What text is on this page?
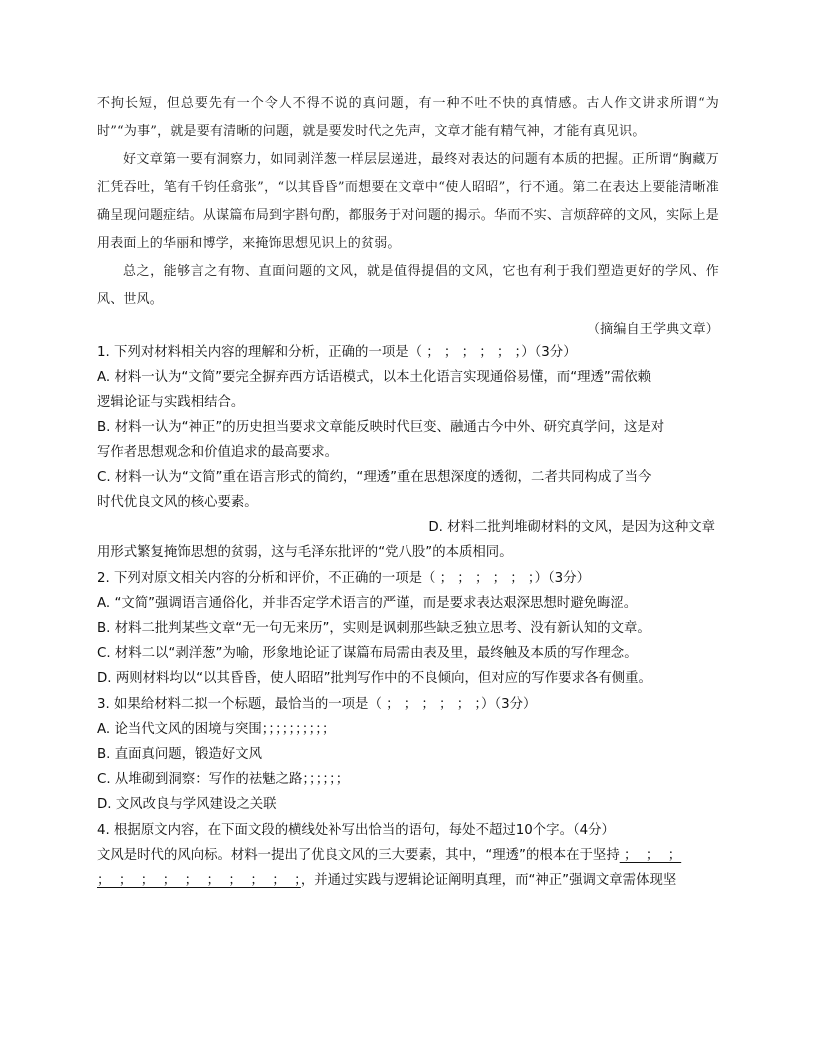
不拘长短，但总要先有一个令人不得不说的真问题，有一种不吐不快的真情感。古人作文讲求所谓“为时”“为事”，就是要有清晰的问题，就是要发时代之先声，文章才能有精气神，才能有真见识。

好文章第一要有洞察力，如同剥洋葱一样层层递进，最终对表达的问题有本质的把握。正所谓“胸藏万汇凭吞吐，笔有千钧任翕张”，“以其昏昏”而想要在文章中“使人昭昭”，行不通。第二在表达上要能清晰准确呈现问题症结。从谋篇布局到字斟句酌，都服务于对问题的揭示。华而不实、言烦辞碎的文风，实际上是用表面上的华丽和博学，来掩饰思想见识上的贫弱。

总之，能够言之有物、直面问题的文风，就是值得提倡的文风，它也有利于我们塑造更好的学风、作风、世风。

（摘编自王学典文章）

1. 下列对材料相关内容的理解和分析，正确的一项是（ ； ； ； ； ； ；）（3分）

A. 材料一认为“文简”要完全摒弃西方话语模式，以本土化语言实现通俗易懂，而“理透”需依赖

逻辑论证与实践相结合。

B. 材料一认为“神正”的历史担当要求文章能反映时代巨变、融通古今中外、研究真学问，这是对

写作者思想观念和价值追求的最高要求。

C. 材料一认为“文简”重在语言形式的简约，“理透”重在思想深度的透彻，二者共同构成了当今

时代优良文风的核心要素。

D. 材料二批判堆砌材料的文风，是因为这种文章

用形式繁复掩饰思想的贫弱，这与毛泽东批评的“党八股”的本质相同。

2. 下列对原文相关内容的分析和评价，不正确的一项是（ ； ； ； ； ； ；）（3分）

A. “文简”强调语言通俗化，并非否定学术语言的严谨，而是要求表达艰深思想时避免晦涩。

B. 材料二批判某些文章“无一句无来历”，实则是讽刺那些缺乏独立思考、没有新认知的文章。

C. 材料二以“剥洋葱”为喻，形象地论证了谋篇布局需由表及里，最终触及本质的写作理念。

D. 两则材料均以“以其昏昏，使人昭昭”批判写作中的不良倾向，但对应的写作要求各有侧重。

3. 如果给材料二拟一个标题，最恰当的一项是（ ； ； ； ； ； ；）（3分）

A. 论当代文风的困境与突围；；；；；；；；；；

B. 直面真问题，锻造好文风

C. 从堆砌到洞察：写作的祛魅之路；；；；；；

D. 文风改良与学风建设之关联

4. 根据原文内容，在下面文段的横线处补写出恰当的语句，每处不超过10个字。（4分）

文风是时代的风向标。材料一提出了优良文风的三大要素，其中，“理透”的根本在于坚持 ；  ；  ；

；  ；  ；  ；  ；  ；  ；  ；  ；  ；，并通过实践与逻辑论证阐明真理，而“神正”强调文章需体现坚
